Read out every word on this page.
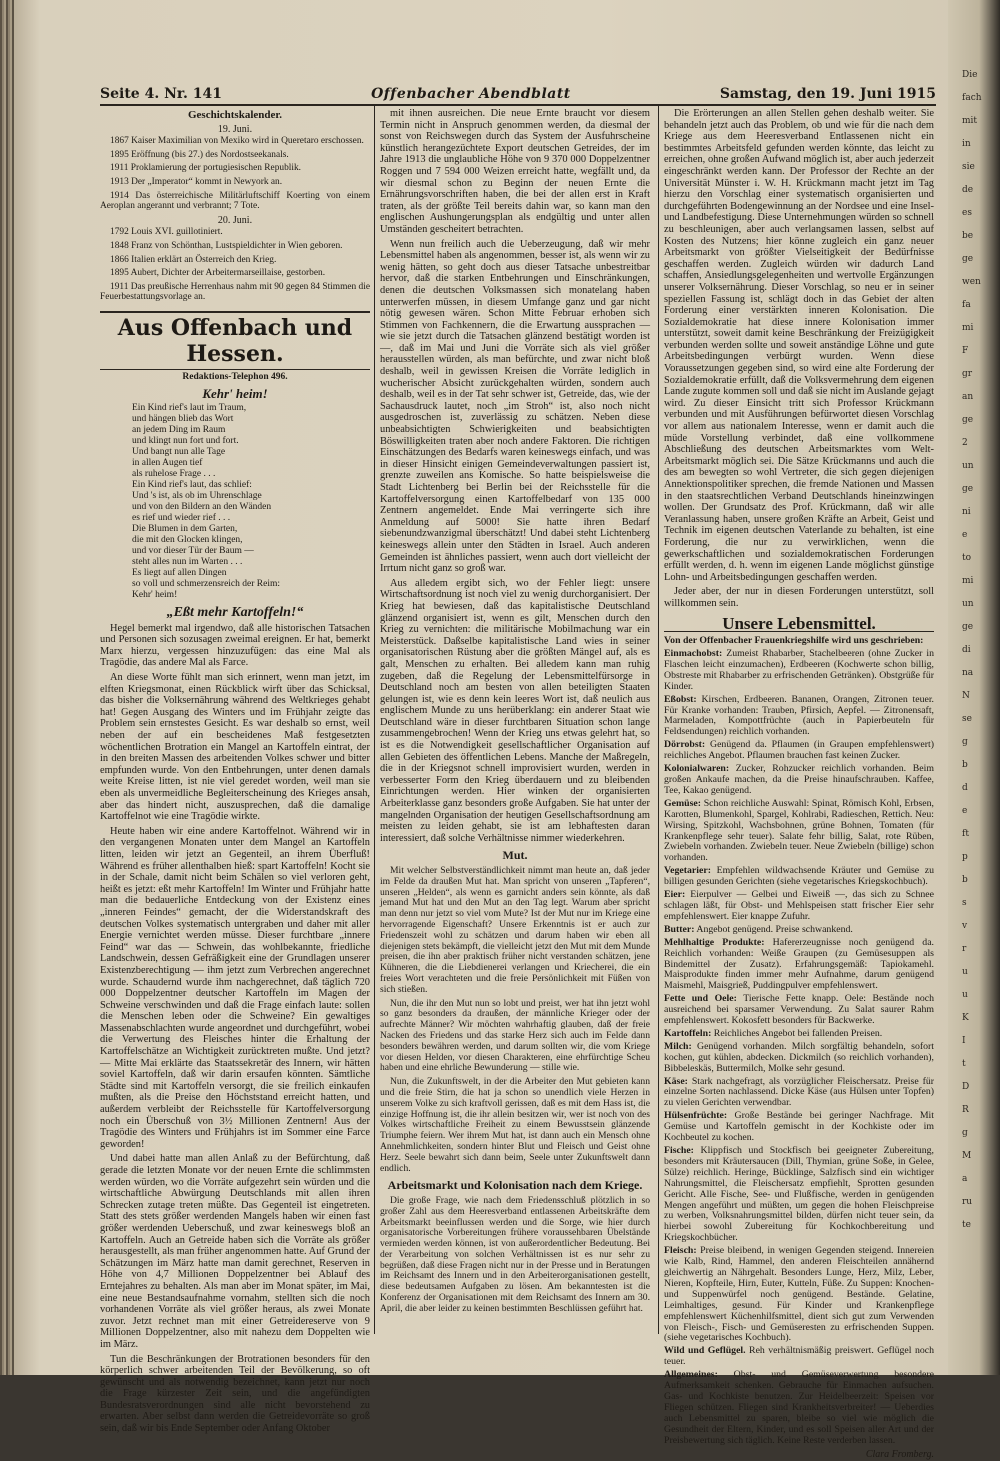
Die
fach
mit
in
sie
de
es
be
ge
wen
fa
mi
F
gr
an
ge
2
un
ge
ni
e
to
mi
un
ge
di
na
N
se
g
b
d
e
ft
p
b
s
v
r
u
u
K
I
t
D
R
g
M
a
ru
te
Seite 4. Nr. 141	Offenbacher Abendblatt	Samstag, den 19. Juni 1915
Geschichtskalender.
19. Juni.

1867 Kaiser Maximilian von Mexiko wird in Queretaro erschossen.

1895 Eröffnung (bis 27.) des Nordostseekanals.

1911 Proklamierung der portugiesischen Republik.

1913 Der „Imperator“ kommt in Newyork an.

1914 Das österreichische Militärluftschiff Koerting von einem Aeroplan angerannt und verbrannt; 7 Tote.

20. Juni.

1792 Louis XVI. guillotiniert.

1848 Franz von Schönthan, Lustspieldichter in Wien geboren.

1866 Italien erklärt an Österreich den Krieg.

1895 Aubert, Dichter der Arbeitermarseillaise, gestorben.

1911 Das preußische Herrenhaus nahm mit 90 gegen 84 Stimmen die Feuerbestattungsvorlage an.

Aus Offenbach und Hessen.
Redaktions-Telephon 496.
Kehr' heim!
Ein Kind rief's laut im Traum,
und hängen blieb das Wort
an jedem Ding im Raum
und klingt nun fort und fort.
Und bangt nun alle Tage
in allen Augen tief
als ruhelose Frage . . .
Ein Kind rief's laut, das schlief:
Und 's ist, als ob im Uhrenschlage
und von den Bildern an den Wänden
es rief und wieder rief . . .
Die Blumen in dem Garten,
die mit den Glocken klingen,
und vor dieser Tür der Baum —
steht alles nun im Warten . . .
Es liegt auf allen Dingen
so voll und schmerzensreich der Reim:
Kehr' heim!
„Eßt mehr Kartoffeln!“

Hegel bemerkt mal irgendwo, daß alle historischen Tatsachen und Personen sich sozusagen zweimal ereignen. Er hat, bemerkt Marx hierzu, vergessen hinzuzufügen: das eine Mal als Tragödie, das andere Mal als Farce.

An diese Worte fühlt man sich erinnert, wenn man jetzt, im elften Kriegsmonat, einen Rückblick wirft über das Schicksal, das bisher die Volksernährung während des Weltkrieges gehabt hat! Gegen Ausgang des Winters und im Frühjahr zeigte das Problem sein ernstestes Gesicht. Es war deshalb so ernst, weil neben der auf ein bescheidenes Maß festgesetzten wöchentlichen Brotration ein Mangel an Kartoffeln eintrat, der in den breiten Massen des arbeitenden Volkes schwer und bitter empfunden wurde. Von den Entbehrungen, unter denen damals weite Kreise litten, ist nie viel geredet worden, weil man sie eben als unvermeidliche Begleiterscheinung des Krieges ansah, aber das hindert nicht, auszusprechen, daß die damalige Kartoffelnot wie eine Tragödie wirkte.

Heute haben wir eine andere Kartoffelnot. Während wir in den vergangenen Monaten unter dem Mangel an Kartoffeln litten, leiden wir jetzt an Gegenteil, an ihrem Überfluß! Während es früher allenthalben hieß: spart Kartoffeln! Kocht sie in der Schale, damit nicht beim Schälen so viel verloren geht, heißt es jetzt: eßt mehr Kartoffeln! Im Winter und Frühjahr hatte man die bedauerliche Entdeckung von der Existenz eines „inneren Feindes“ gemacht, der die Widerstandskraft des deutschen Volkes systematisch untergraben und daher mit aller Energie vernichtet werden müsse. Dieser furchtbare „innere Feind“ war das — Schwein, das wohlbekannte, friedliche Landschwein, dessen Gefräßigkeit eine der Grundlagen unserer Existenzberechtigung — ihm jetzt zum Verbrechen angerechnet wurde. Schaudernd wurde ihm nachgerechnet, daß täglich 720 000 Doppelzentner deutscher Kartoffeln im Magen der Schweine verschwinden und daß die Frage einfach laute: sollen die Menschen leben oder die Schweine? Ein gewaltiges Massenabschlachten wurde angeordnet und durchgeführt, wobei die Verwertung des Fleisches hinter die Erhaltung der Kartoffelschätze an Wichtigkeit zurücktreten mußte. Und jetzt? — Mitte Mai erklärte das Staatssekretär des Innern, wir hätten soviel Kartoffeln, daß wir darin ersaufen könnten. Sämtliche Städte sind mit Kartoffeln versorgt, die sie freilich einkaufen mußten, als die Preise den Höchststand erreicht hatten, und außerdem verbleibt der Reichsstelle für Kartoffelversorgung noch ein Überschuß von 3½ Millionen Zentnern! Aus der Tragödie des Winters und Frühjahrs ist im Sommer eine Farce geworden!

Und dabei hatte man allen Anlaß zu der Befürchtung, daß gerade die letzten Monate vor der neuen Ernte die schlimmsten werden würden, wo die Vorräte aufgezehrt sein würden und die wirtschaftliche Abwürgung Deutschlands mit allen ihren Schrecken zutage treten müßte. Das Gegenteil ist eingetreten. Statt des stets größer werdenden Mangels haben wir einen fast größer werdenden Ueberschuß, und zwar keineswegs bloß an Kartoffeln. Auch an Getreide haben sich die Vorräte als größer herausgestellt, als man früher angenommen hatte. Auf Grund der Schätzungen im März hatte man damit gerechnet, Reserven in Höhe von 4,7 Millionen Doppelzentner bei Ablauf des Erntejahres zu behalten. Als man aber im Monat später, im Mai, eine neue Bestandsaufnahme vornahm, stellten sich die noch vorhandenen Vorräte als viel größer heraus, als zwei Monate zuvor. Jetzt rechnet man mit einer Getreidereserve von 9 Millionen Doppelzentner, also mit nahezu dem Doppelten wie im März.

Tun die Beschränkungen der Brotrationen besonders für den körperlich schwer arbeitenden Teil der Bevölkerung, so oft gewünscht und als notwendig bezeichnet, kann jetzt nur noch die Frage kürzester Zeit sein, und die angefündigten Bundesratsverordnungen sind alle nicht bevorstehend zu erwarten. Aber selbst dann werden die Getreidevorräte so groß sein, daß wir bis Ende September oder Anfang Oktober

mit ihnen ausreichen. Die neue Ernte braucht vor diesem Termin nicht in Anspruch genommen werden, da diesmal der sonst von Reichswegen durch das System der Ausfuhrscheine künstlich herangezüchtete Export deutschen Getreides, der im Jahre 1913 die unglaubliche Höhe von 9 370 000 Doppelzentner Roggen und 7 594 000 Weizen erreicht hatte, wegfällt und, da wir diesmal schon zu Beginn der neuen Ernte die Ernährungsvorschriften haben, die bei der allen erst in Kraft traten, als der größte Teil bereits dahin war, so kann man den englischen Aushungerungsplan als endgültig und unter allen Umständen gescheitert betrachten.

Wenn nun freilich auch die Ueberzeugung, daß wir mehr Lebensmittel haben als angenommen, besser ist, als wenn wir zu wenig hätten, so geht doch aus dieser Tatsache unbestreitbar hervor, daß die starken Entbehrungen und Einschränkungen, denen die deutschen Volksmassen sich monatelang haben unterwerfen müssen, in diesem Umfange ganz und gar nicht nötig gewesen wären. Schon Mitte Februar erhoben sich Stimmen von Fachkennern, die die Erwartung aussprachen — wie sie jetzt durch die Tatsachen glänzend bestätigt worden ist —, daß im Mai und Juni die Vorräte sich als viel größer herausstellen würden, als man befürchte, und zwar nicht bloß deshalb, weil in gewissen Kreisen die Vorräte lediglich in wucherischer Absicht zurückgehalten würden, sondern auch deshalb, weil es in der Tat sehr schwer ist, Getreide, das, wie der Sachausdruck lautet, noch „im Stroh“ ist, also noch nicht ausgedroschen ist, zuverlässig zu schätzen. Neben diese unbeabsichtigten Schwierigkeiten und beabsichtigten Böswilligkeiten traten aber noch andere Faktoren. Die richtigen Einschätzungen des Bedarfs waren keineswegs einfach, und was in dieser Hinsicht einigen Gemeindeverwaltungen passiert ist, grenzte zuweilen ans Komische. So hatte beispielsweise die Stadt Lichtenberg bei Berlin bei der Reichsstelle für die Kartoffelversorgung einen Kartoffelbedarf von 135 000 Zentnern angemeldet. Ende Mai verringerte sich ihre Anmeldung auf 5000! Sie hatte ihren Bedarf siebenundzwanzigmal überschätzt! Und dabei steht Lichtenberg keineswegs allein unter den Städten in Israel. Auch anderen Gemeinden ist ähnliches passiert, wenn auch dort vielleicht der Irrtum nicht ganz so groß war.

Aus alledem ergibt sich, wo der Fehler liegt: unsere Wirtschaftsordnung ist noch viel zu wenig durchorganisiert. Der Krieg hat bewiesen, daß das kapitalistische Deutschland glänzend organisiert ist, wenn es gilt, Menschen durch den Krieg zu vernichten: die militärische Mobilmachung war ein Meisterstück. Daßselbe kapitalistische Land wies in seiner organisatorischen Rüstung aber die größten Mängel auf, als es galt, Menschen zu erhalten. Bei alledem kann man ruhig zugeben, daß die Regelung der Lebensmittelfürsorge in Deutschland noch am besten von allen beteiligten Staaten gelungen ist, wie es denn kein leeres Wort ist, daß neulich aus englischem Munde zu uns herüberklang: ein anderer Staat wie Deutschland wäre in dieser furchtbaren Situation schon lange zusammengebrochen! Wenn der Krieg uns etwas gelehrt hat, so ist es die Notwendigkeit gesellschaftlicher Organisation auf allen Gebieten des öffentlichen Lebens. Manche der Maßregeln, die in der Kriegsnot schnell improvisiert wurden, werden in verbesserter Form den Krieg überdauern und zu bleibenden Einrichtungen werden. Hier winken der organisierten Arbeiterklasse ganz besonders große Aufgaben. Sie hat unter der mangelnden Organisation der heutigen Gesellschaftsordnung am meisten zu leiden gehabt, sie ist am lebhaftesten daran interessiert, daß solche Verhältnisse nimmer wiederkehren.

Mut.

Mit welcher Selbstverständlichkeit nimmt man heute an, daß jeder im Felde da draußen Mut hat. Man spricht von unseren „Tapferen“, unseren „Helden“, als wenn es garnicht anders sein könnte, als daß jemand Mut hat und den Mut an den Tag legt. Warum aber spricht man denn nur jetzt so viel vom Mute? Ist der Mut nur im Kriege eine hervorragende Eigenschaft? Unsere Erkenntnis ist er auch zur Friedenszeit wohl zu schätzen und darum haben wir eben all diejenigen stets bekämpft, die vielleicht jetzt den Mut mit dem Munde preisen, die ihn aber praktisch früher nicht verstanden schätzen, jene Kühneren, die die Liebdienerei verlangen und Kriecherei, die ein freies Wort verachteten und die freie Persönlichkeit mit Füßen von sich stießen.

Nun, die ihr den Mut nun so lobt und preist, wer hat ihn jetzt wohl so ganz besonders da draußen, der männliche Krieger oder der aufrechte Männer? Wir möchten wahrhaftig glauben, daß der freie Nacken des Friedens und das starke Herz sich auch im Felde dann besonders bewähren werden, und darum sollten wir, die vom Kriege vor diesen Helden, vor diesen Charakteren, eine ehrfürchtige Scheu haben und eine ehrliche Bewunderung — stille wie.

Nun, die Zukunftswelt, in der die Arbeiter den Mut gebieten kann und die freie Stirn, die hat ja schon so unendlich viele Herzen in unserem Volke zu sich kraftvoll gerissen, daß es mit dem Hass ist, die einzige Hoffnung ist, die ihr allein besitzen wir, wer ist noch von des Volkes wirtschaftliche Freiheit zu einem Bewusstsein glänzende Triumphe feiern. Wer ihrem Mut hat, ist dann auch ein Mensch ohne Annehmlichkeiten, sondern hinter Blut und Fleisch und Geist ohne Herz. Seele bewahrt sich dann beim, Seele unter Zukunftswelt dann endlich.

Arbeitsmarkt und Kolonisation nach dem Kriege.

Die große Frage, wie nach dem Friedensschluß plötzlich in so großer Zahl aus dem Heeresverband entlassenen Arbeitskräfte dem Arbeitsmarkt beeinflussen werden und die Sorge, wie hier durch organisatorische Vorbereitungen frühere voraussehbaren Übelstände vermieden werden können, ist von außerordentlicher Bedeutung. Bei der Verarbeitung von solchen Verhältnissen ist es nur sehr zu begrüßen, daß diese Fragen nicht nur in der Presse und in Beratungen im Reichsamt des Innern und in den Arbeiterorganisationen gestellt, diese bedeutsamen Aufgaben zu lösen. Am bekanntesten ist die Konferenz der Organisationen mit dem Reichsamt des Innern am 30. April, die aber leider zu keinen bestimmten Beschlüssen geführt hat.

Die Erörterungen an allen Stellen gehen deshalb weiter. Sie behandeln jetzt auch das Problem, ob und wie für die nach dem Kriege aus dem Heeresverband Entlassenen nicht ein bestimmtes Arbeitsfeld gefunden werden könnte, das leicht zu erreichen, ohne großen Aufwand möglich ist, aber auch jederzeit eingeschränkt werden kann. Der Professor der Rechte an der Universität Münster i. W. H. Krückmann macht jetzt im Tag hierzu den Vorschlag einer systematisch organisierten und durchgeführten Bodengewinnung an der Nordsee und eine Insel- und Landbefestigung. Diese Unternehmungen würden so schnell zu beschleunigen, aber auch verlangsamen lassen, selbst auf Kosten des Nutzens; hier könne zugleich ein ganz neuer Arbeitsmarkt von größter Vielseitigkeit der Bedürfnisse geschaffen werden. Zugleich würden wir dadurch Land schaffen, Ansiedlungsgelegenheiten und wertvolle Ergänzungen unserer Volksernährung. Dieser Vorschlag, so neu er in seiner speziellen Fassung ist, schlägt doch in das Gebiet der alten Forderung einer verstärkten inneren Kolonisation. Die Sozialdemokratie hat diese innere Kolonisation immer unterstützt, soweit damit keine Beschränkung der Freizügigkeit verbunden werden sollte und soweit anständige Löhne und gute Arbeitsbedingungen verbürgt wurden. Wenn diese Voraussetzungen gegeben sind, so wird eine alte Forderung der Sozialdemokratie erfüllt, daß die Volksvermehrung dem eigenen Lande zugute kommen soll und daß sie nicht im Auslande gejagt wird. Zu dieser Einsicht tritt sich Professor Krückmann verbunden und mit Ausführungen befürwortet diesen Vorschlag vor allem aus nationalem Interesse, wenn er damit auch die müde Vorstellung verbindet, daß eine vollkommene Abschließung des deutschen Arbeitsmarktes vom Welt-Arbeitsmarkt möglich sei. Die Sätze Krückmanns und auch die des am bewegten so wohl Vertreter, die sich gegen diejenigen Annektionspolitiker sprechen, die fremde Nationen und Massen in den staatsrechtlichen Verband Deutschlands hineinzwingen wollen. Der Grundsatz des Prof. Krückmann, daß wir alle Veranlassung haben, unsere großen Kräfte an Arbeit, Geist und Technik im eigenen deutschen Vaterlande zu behalten, ist eine Forderung, die nur zu verwirklichen, wenn die gewerkschaftlichen und sozialdemokratischen Forderungen erfüllt werden, d. h. wenn im eigenen Lande möglichst günstige Lohn- und Arbeitsbedingungen geschaffen werden.

Jeder aber, der nur in diesen Forderungen unterstützt, soll willkommen sein.

Unsere Lebensmittel.
Von der Offenbacher Frauenkriegshilfe wird uns geschrieben:
Einmachobst: Zumeist Rhabarber, Stachelbeeren (ohne Zucker in Flaschen leicht einzumachen), Erdbeeren (Kochwerte schon billig, Obstreste mit Rhabarber zu erfrischenden Getränken). Obstgrüße für Kinder.
Eßobst: Kirschen, Erdbeeren. Bananen, Orangen, Zitronen teuer. Für Kranke vorhanden: Trauben, Pfirsich, Aepfel. — Zitronensaft, Marmeladen, Kompottfrüchte (auch in Papierbeuteln für Feldsendungen) reichlich vorhanden.
Dörrobst: Genügend da. Pflaumen (in Graupen empfehlenswert) reichliches Angebot. Pflaumen brauchen fast keinen Zucker.
Kolonialwaren: Zucker, Rohzucker reichlich vorhanden. Beim großen Ankaufe machen, da die Preise hinaufschrauben. Kaffee, Tee, Kakao genügend.
Gemüse: Schon reichliche Auswahl: Spinat, Römisch Kohl, Erbsen, Karotten, Blumenkohl, Spargel, Kohlrabi, Radieschen, Rettich. Neu: Wirsing, Spitzkohl, Wachsbohnen, grüne Bohnen, Tomaten (für Krankenpflege sehr teuer). Salate fehr billig, Salat, rote Rüben, Zwiebeln vorhanden. Zwiebeln teuer. Neue Zwiebeln (billige) schon vorhanden.
Vegetarier: Empfehlen wildwachsende Kräuter und Gemüse zu billigen gesunden Gerichten (siehe vegetarisches Kriegskochbuch).
Eier: Eierpulver — Gelbei und Eiweiß —, das sich zu Schnee schlagen läßt, für Obst- und Mehlspeisen statt frischer Eier sehr empfehlenswert. Eier knappe Zufuhr.
Butter: Angebot genügend. Preise schwankend.
Mehlhaltige Produkte: Hafererzeugnisse noch genügend da. Reichlich vorhanden: Weiße Graupen (zu Gemüsesuppen als Bindemittel der Zusatz). Erfahrungsgemäß: Tapiokamehl. Maisprodukte finden immer mehr Aufnahme, darum genügend Maismehl, Maisgrieß, Puddingpulver empfehlenswert.
Fette und Oele: Tierische Fette knapp. Oele: Bestände noch ausreichend bei sparsamer Verwendung. Zu Salat saurer Rahm empfehlenswert. Kokosfett besonders für Backwerke.
Kartoffeln: Reichliches Angebot bei fallenden Preisen.
Milch: Genügend vorhanden. Milch sorgfältig behandeln, sofort kochen, gut kühlen, abdecken. Dickmilch (so reichlich vorhanden), Bibbeleskäs, Buttermilch, Molke sehr gesund.
Käse: Stark nachgefragt, als vorzüglicher Fleischersatz. Preise für einzelne Sorten nachlassend. Dicke Käse (aus Hülsen unter Topfen) zu vielen Gerichten verwendbar.
Hülsenfrüchte: Große Bestände bei geringer Nachfrage. Mit Gemüse und Kartoffeln gemischt in der Kochkiste oder im Kochbeutel zu kochen.
Fische: Klippfisch und Stockfisch bei geeigneter Zubereitung, besonders mit Kräutersaucen (Dill, Thymian, grüne Soße, in Gelee, Sülze) reichlich. Heringe, Bücklinge, Salzfisch sind ein wichtiger Nahrungsmittel, die Fleischersatz empfiehlt, Sprotten gesunden Gericht. Alle Fische, See- und Flußfische, werden in genügenden Mengen angeführt und müßten, um gegen die hohen Fleischpreise zu werben, Volksnahrungsmittel bilden, dürfen nicht teuer sein, da hierbei sowohl Zubereitung für Kochkochbereitung und Kriegskochbücher.
Fleisch: Preise bleibend, in wenigen Gegenden steigend. Innereien wie Kalb, Rind, Hammel, den anderen Fleischteilen annähernd gleichwertig an Nährgehalt. Besonders Lunge, Herz, Milz, Leber, Nieren, Kopfteile, Hirn, Euter, Kutteln, Füße. Zu Suppen: Knochen- und Suppenwürfel noch genügend. Bestände. Gelatine, Leimhaltiges, gesund. Für Kinder und Krankenpflege empfehlenswert Küchenhilfsmittel, dient sich gut zum Verwenden von Fleisch-, Fisch- und Gemüseresten zu erfrischenden Suppen. (siehe vegetarisches Kochbuch).
Wild und Geflügel. Reh verhältnismäßig preiswert. Geflügel noch teuer.
Allgemeines: Obst- und Gemüseverwertung besondere Aufmerksamkeit schenken. Gebrauche für Einmachen aufsuchen. Gas- und Kochkiste benutzen. Zur Heidelbeerzeit: Speisen vor Fliegen schützen. Fliegen sind Krankheitsverbreiter! — Ueberdies auch Lebensmittel zu sparen, bleibe so viel wie möglich die Gesundheit der Eltern, Kinder, und es soll Speisen aller Art und der Preisbewertung sich täglich. Keine Reste verderben lassen.
Clara Fromberg.
